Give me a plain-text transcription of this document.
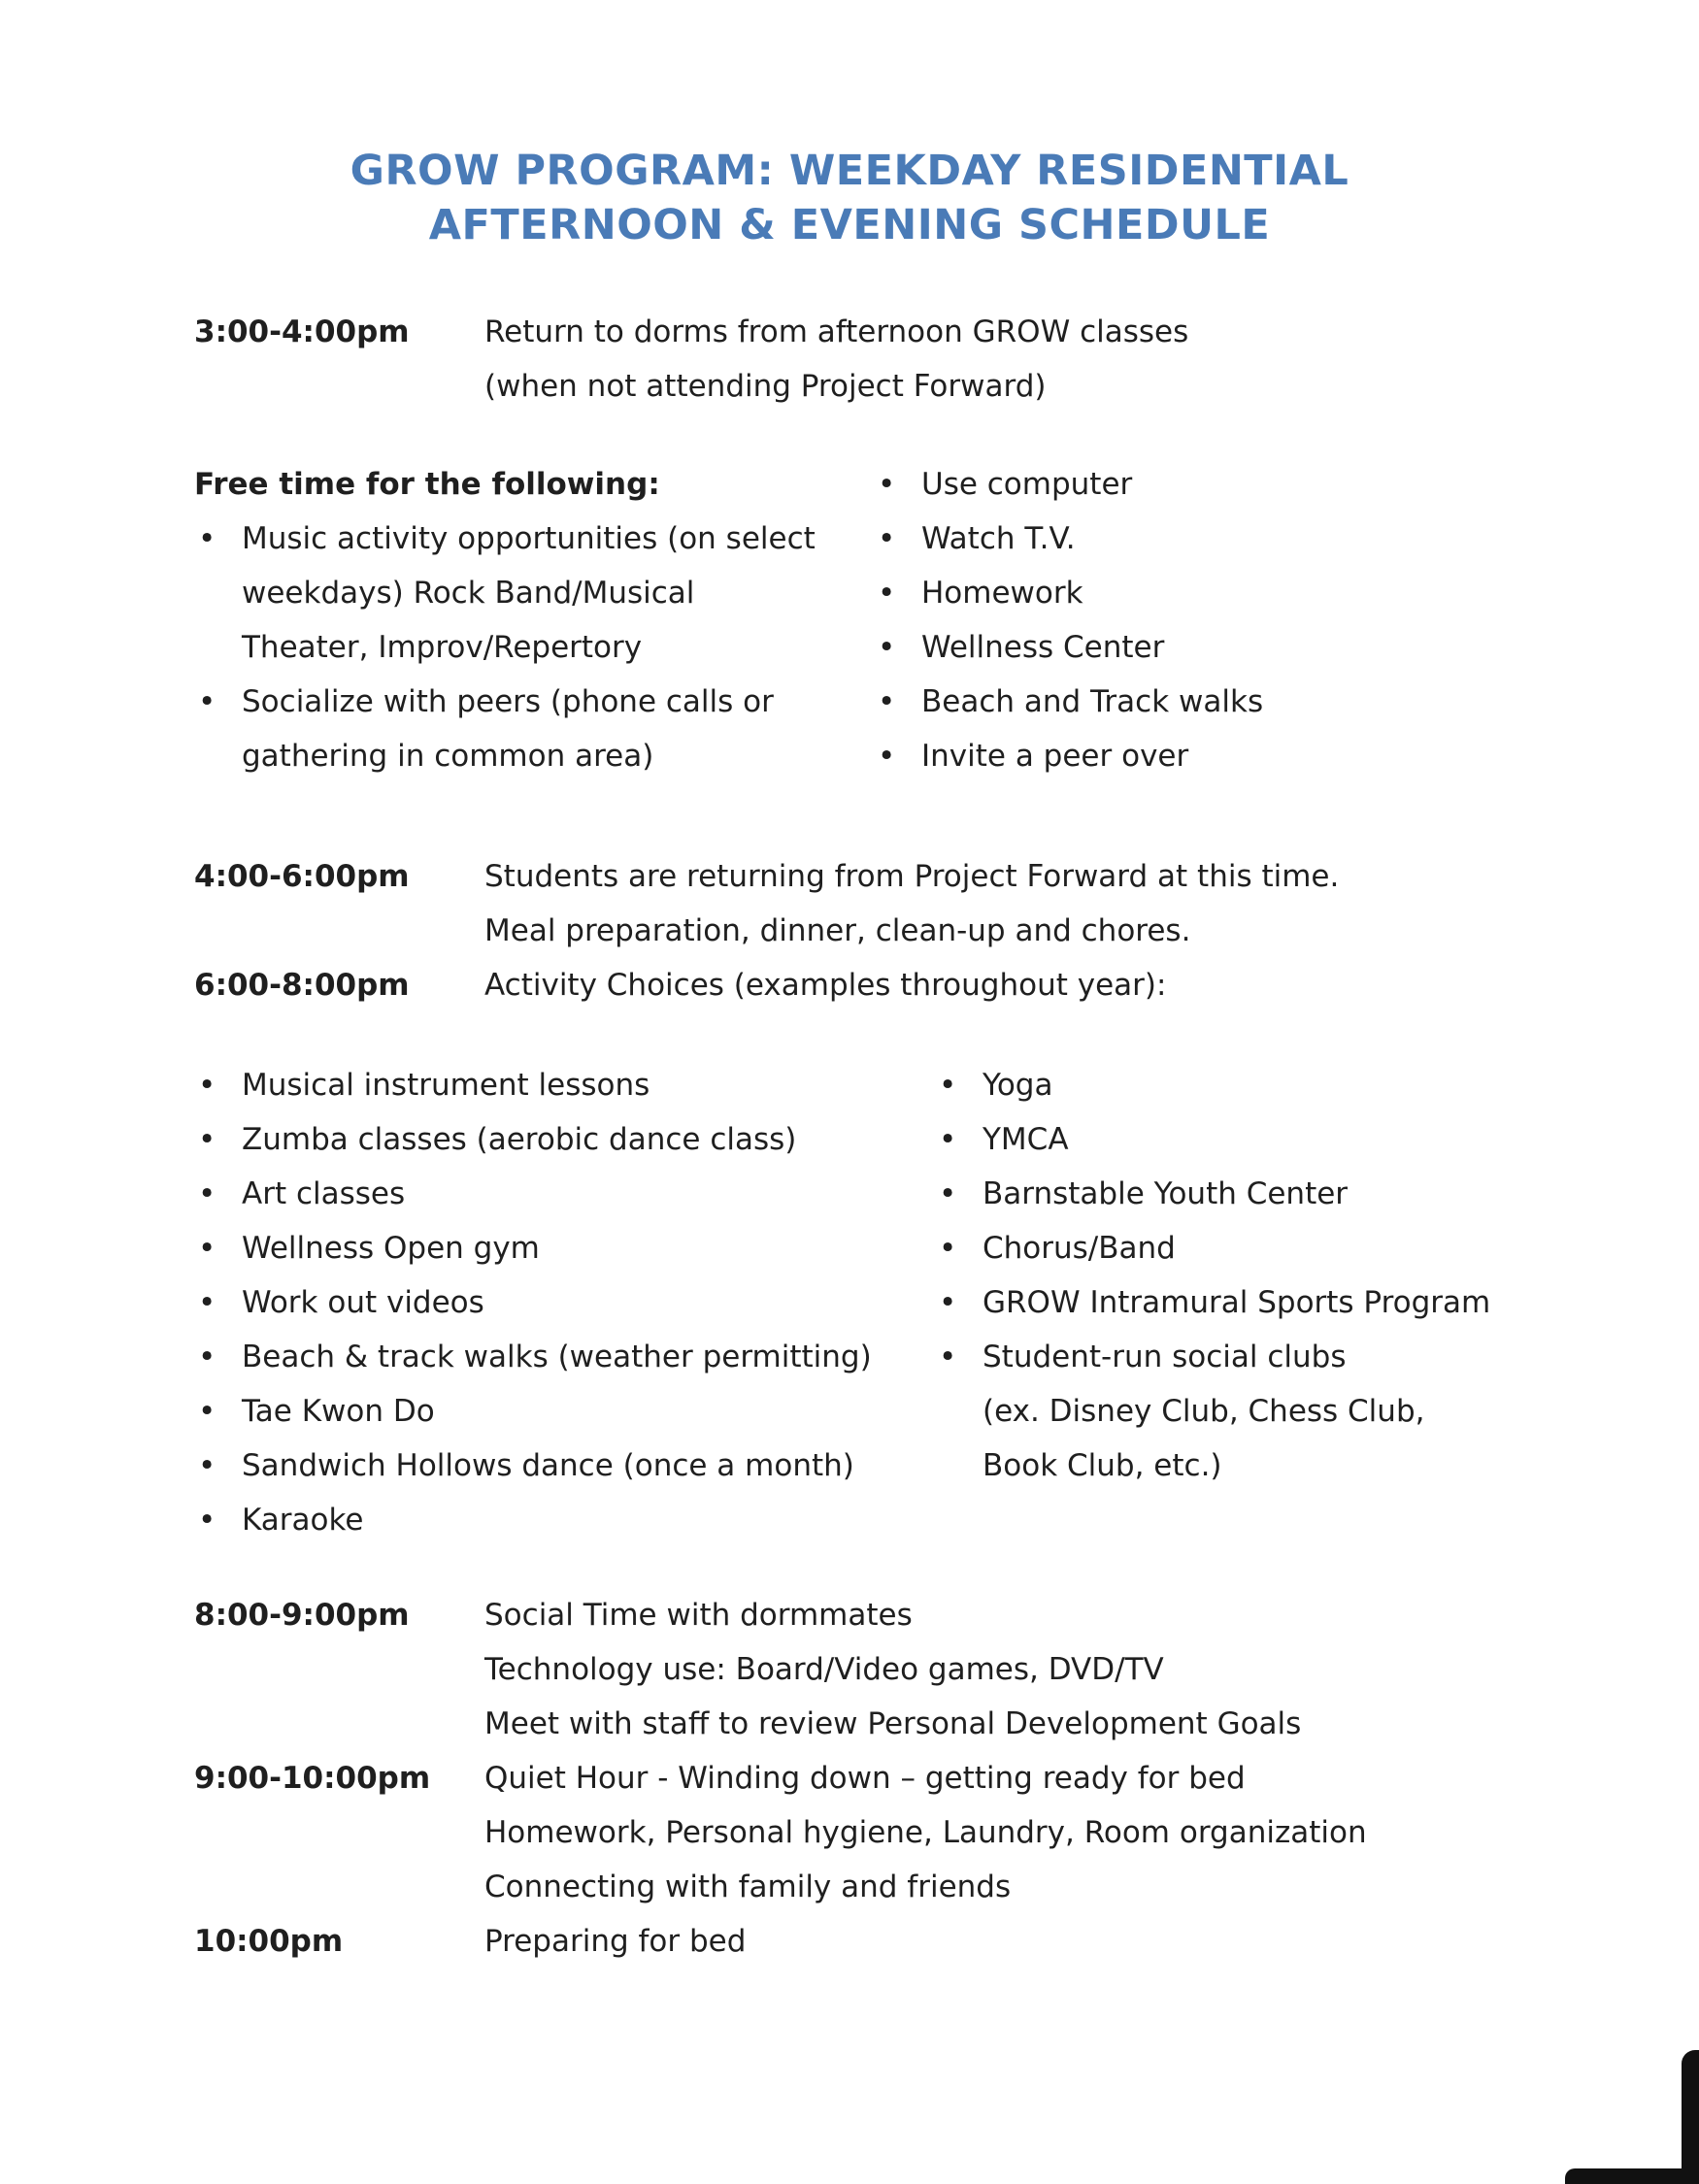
GROW PROGRAM: WEEKDAY RESIDENTIAL
AFTERNOON & EVENING SCHEDULE
3:00-4:00pm Return to dorms from afternoon GROW classes
(when not attending Project Forward)
Free time for the following:
• Music activity opportunities (on select weekdays) Rock Band/Musical Theater, Improv/Repertory
• Socialize with peers (phone calls or gathering in common area)
• Use computer
• Watch T.V.
• Homework
• Wellness Center
• Beach and Track walks
• Invite a peer over
4:00-6:00pm Students are returning from Project Forward at this time.
Meal preparation, dinner, clean-up and chores.
6:00-8:00pm Activity Choices (examples throughout year):
• Musical instrument lessons
• Zumba classes (aerobic dance class)
• Art classes
• Wellness Open gym
• Work out videos
• Beach & track walks (weather permitting)
• Tae Kwon Do
• Sandwich Hollows dance (once a month)
• Karaoke
• Yoga
• YMCA
• Barnstable Youth Center
• Chorus/Band
• GROW Intramural Sports Program
• Student-run social clubs
(ex. Disney Club, Chess Club,
Book Club, etc.)
8:00-9:00pm Social Time with dormmates
Technology use: Board/Video games, DVD/TV
Meet with staff to review Personal Development Goals
9:00-10:00pm Quiet Hour - Winding down – getting ready for bed
Homework, Personal hygiene, Laundry, Room organization
Connecting with family and friends
10:00pm	Preparing for bed
